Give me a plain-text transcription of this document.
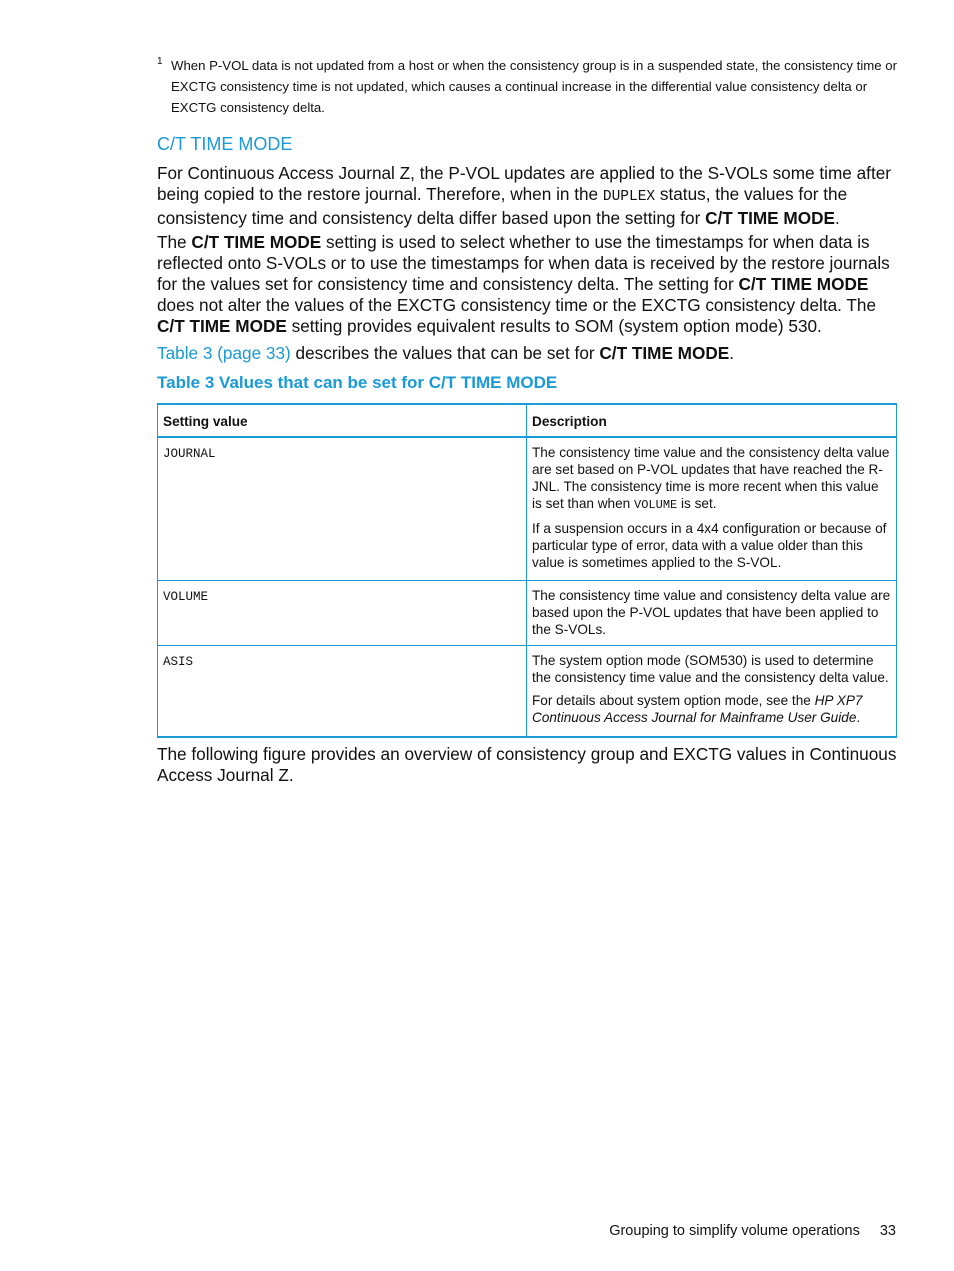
1 When P-VOL data is not updated from a host or when the consistency group is in a suspended state, the consistency time or EXCTG consistency time is not updated, which causes a continual increase in the differential value consistency delta or EXCTG consistency delta.
C/T TIME MODE

For Continuous Access Journal Z, the P-VOL updates are applied to the S-VOLs some time after being copied to the restore journal. Therefore, when in the DUPLEX status, the values for the consistency time and consistency delta differ based upon the setting for C/T TIME MODE.

The C/T TIME MODE setting is used to select whether to use the timestamps for when data is reflected onto S-VOLs or to use the timestamps for when data is received by the restore journals for the values set for consistency time and consistency delta. The setting for C/T TIME MODE does not alter the values of the EXCTG consistency time or the EXCTG consistency delta. The C/T TIME MODE setting provides equivalent results to SOM (system option mode) 530.

Table 3 (page 33) describes the values that can be set for C/T TIME MODE.

Table 3 Values that can be set for C/T TIME MODE

Setting value	Description
JOURNAL	The consistency time value and the consistency delta value are set based on P-VOL updates that have reached the R-JNL. The consistency time is more recent when this value is set than when VOLUME is set.

If a suspension occurs in a 4x4 configuration or because of particular type of error, data with a value older than this value is sometimes applied to the S-VOL.

VOLUME	The consistency time value and consistency delta value are based upon the P-VOL updates that have been applied to the S-VOLs.

ASIS	The system option mode (SOM530) is used to determine the consistency time value and the consistency delta value.

For details about system option mode, see the HP XP7 Continuous Access Journal for Mainframe User Guide.

The following figure provides an overview of consistency group and EXCTG values in Continuous Access Journal Z.

Grouping to simplify volume operations 33
